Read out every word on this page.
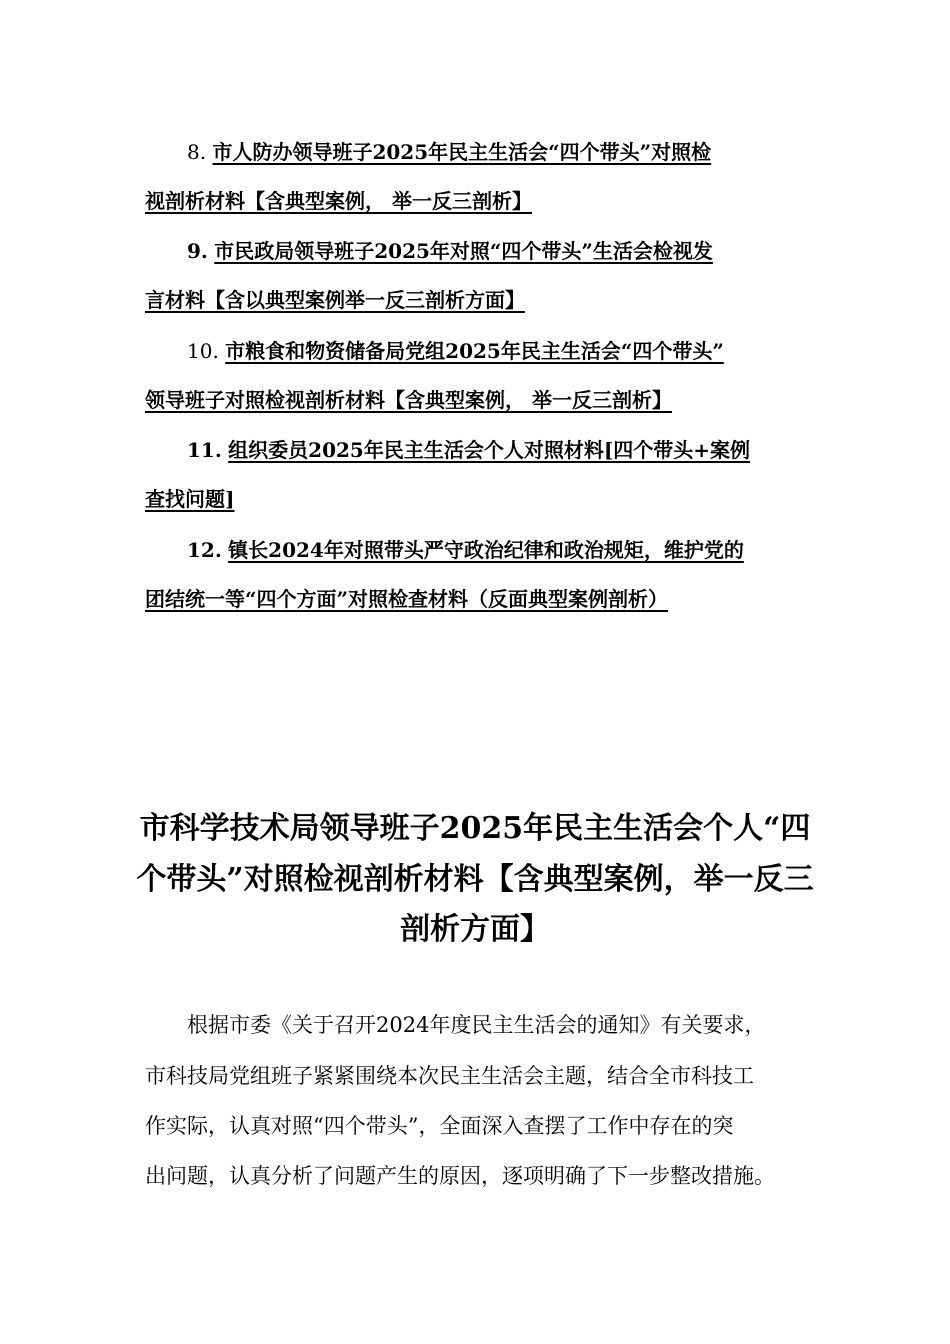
8. 市人防办领导班子2025年民主生活会“四个带头”对照检
视剖析材料【含典型案例， 举一反三剖析】
9. 市民政局领导班子2025年对照“四个带头”生活会检视发
言材料【含以典型案例举一反三剖析方面】
10. 市粮食和物资储备局党组2025年民主生活会“四个带头”
领导班子对照检视剖析材料【含典型案例， 举一反三剖析】
11. 组织委员2025年民主生活会个人对照材料[四个带头+案例
查找问题]
12. 镇长2024年对照带头严守政治纪律和政治规矩，维护党的
团结统一等“四个方面”对照检查材料（反面典型案例剖析）
市科学技术局领导班子2025年民主生活会个人“四
个带头”对照检视剖析材料【含典型案例，举一反三
剖析方面】
根据市委《关于召开2024年度民主生活会的通知》有关要求，
市科技局党组班子紧紧围绕本次民主生活会主题，结合全市科技工
作实际，认真对照“四个带头”，全面深入查摆了工作中存在的突
出问题，认真分析了问题产生的原因，逐项明确了下一步整改措施。
